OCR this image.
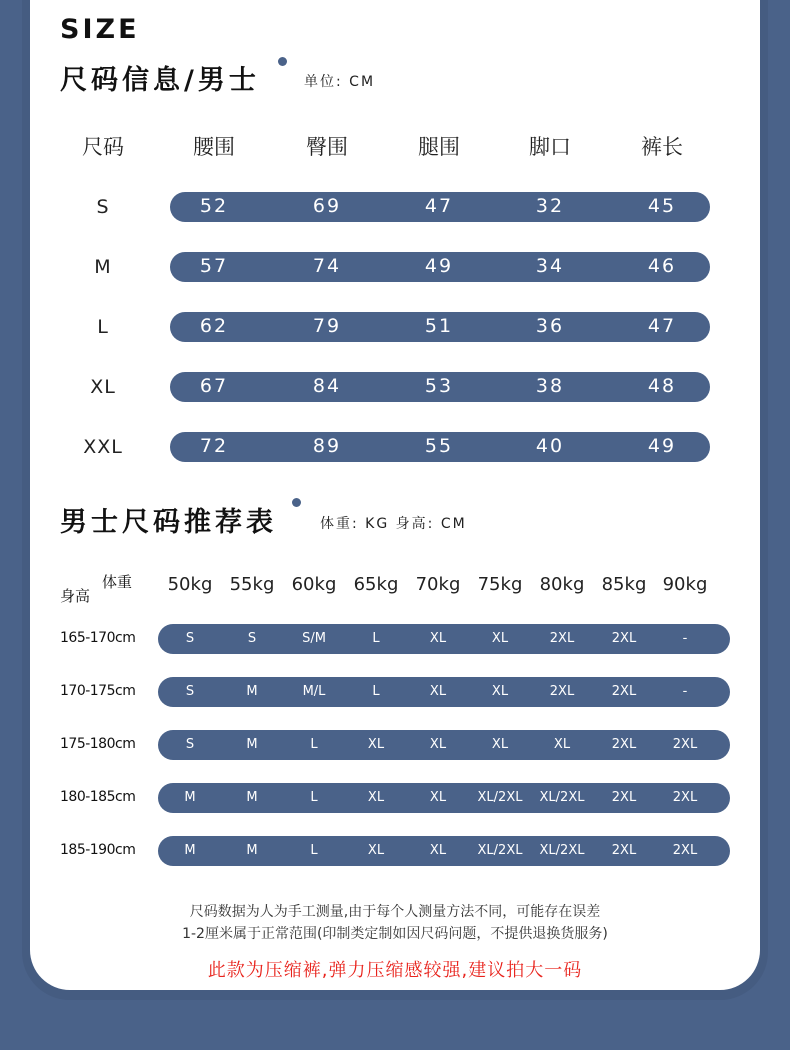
SIZE
尺码信息/男士	单位: CM
尺码	腰围	臀围	腿围	脚口	裤长
S	52	69	47	32	45
M	57	74	49	34	46
L	62	79	51	36	47
XL	67	84	53	38	48
XXL	72	89	55	40	49
男士尺码推荐表	体重: KG 身高: CM
体重
身高
50kg 55kg 60kg 65kg 70kg 75kg 80kg 85kg 90kg
165-170cm	S	S	S/M	L	XL	XL	2XL	2XL	-
170-175cm	S	M	M/L	L	XL	XL	2XL	2XL	-
175-180cm	S	M	L	XL	XL	XL	XL	2XL	2XL
180-185cm	M	M	L	XL	XL	XL/2XL	XL/2XL	2XL	2XL
185-190cm	M	M	L	XL	XL	XL/2XL	XL/2XL	2XL	2XL
尺码数据为人为手工测量,由于每个人测量方法不同，可能存在误差
1-2厘米属于正常范围(印制类定制如因尺码问题，不提供退换货服务)
此款为压缩裤,弹力压缩感较强,建议拍大一码
